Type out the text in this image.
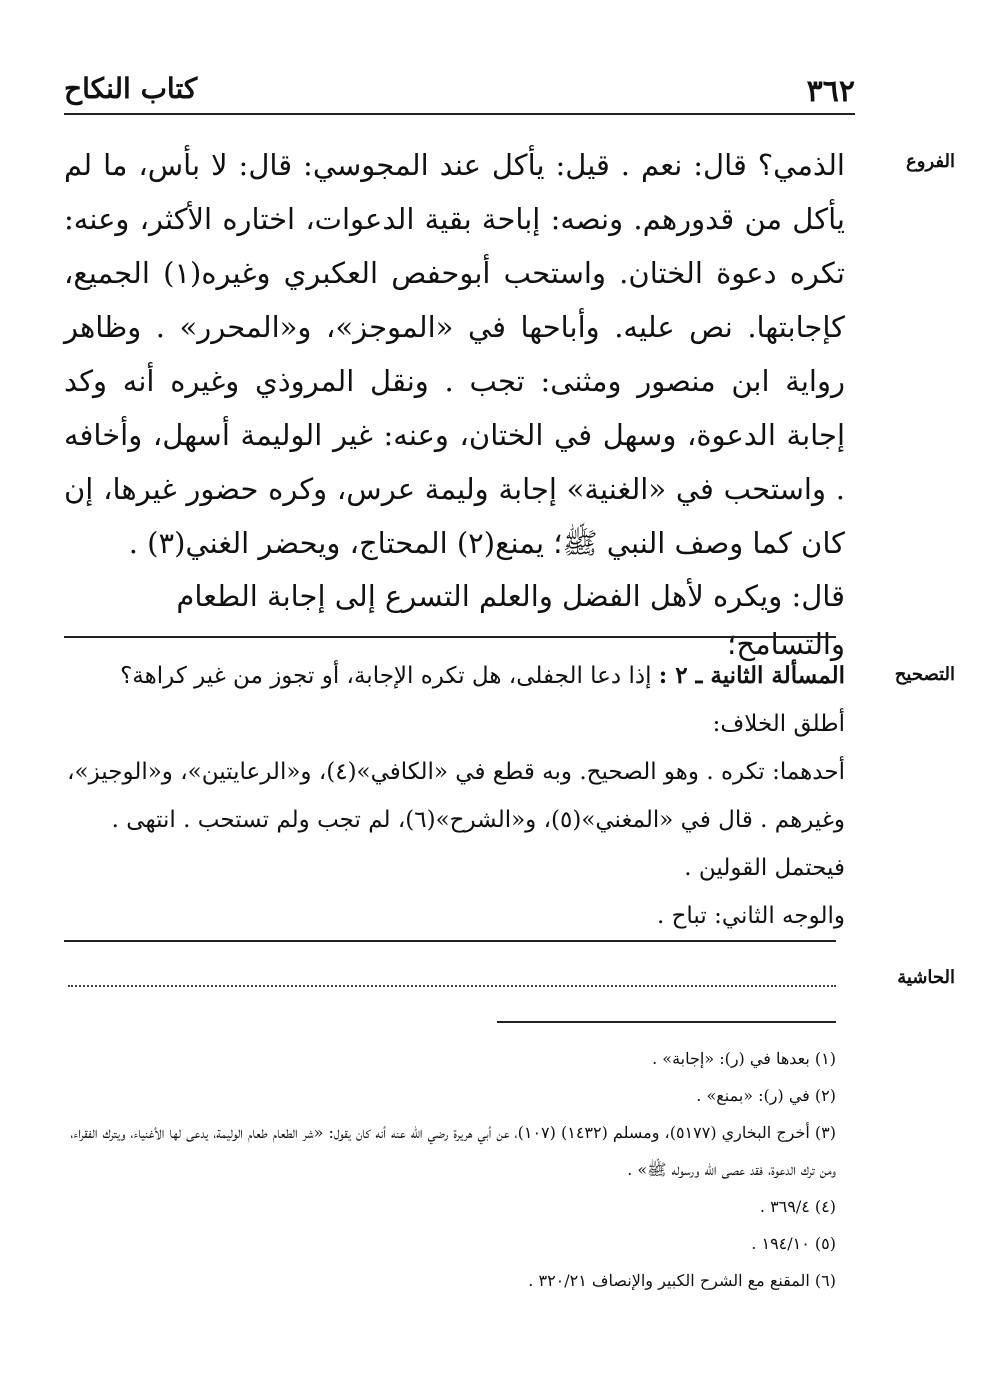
٣٦٢
كتاب النكاح
الفروع
الذمي؟ قال: نعم . قيل: يأكل عند المجوسي: قال: لا بأس، ما لم يأكل من قدورهم. ونصه: إباحة بقية الدعوات، اختاره الأكثر، وعنه: تكره دعوة الختان. واستحب أبوحفص العكبري وغيره(١) الجميع، كإجابتها. نص عليه. وأباحها في «الموجز»، و«المحرر» . وظاهر رواية ابن منصور ومثنى: تجب . ونقل المروذي وغيره أنه وكد إجابة الدعوة، وسهل في الختان، وعنه: غير الوليمة أسهل، وأخافه . واستحب في «الغنية» إجابة وليمة عرس، وكره حضور غيرها، إن كان كما وصف النبي ﷺ؛ يمنع(٢) المحتاج، ويحضر الغني(٣) .
قال: ويكره لأهل الفضل والعلم التسرع إلى إجابة الطعام والتسامح؛
التصحيح

المسألة الثانية ـ ٢ : إذا دعا الجفلى، هل تكره الإجابة، أو تجوز من غير كراهة؟

أطلق الخلاف:

أحدهما: تكره . وهو الصحيح. وبه قطع في «الكافي»(٤)، و«الرعايتين»، و«الوجيز»، وغيرهم . قال في «المغني»(٥)، و«الشرح»(٦)، لم تجب ولم تستحب . انتهى . فيحتمل القولين .

والوجه الثاني: تباح .

الحاشية

(١) بعدها في (ر): «إجابة» .

(٢) في (ر): «بمنع» .

(٣) أخرج البخاري (٥١٧٧)، ومسلم (١٤٣٢) (١٠٧)، عن أبي هريرة رضي الله عنه أنه كان يقول: «شر الطعام طعام الوليمة، يدعى لها الأغنياء، ويترك الفقراء، ومن ترك الدعوة، فقد عصى الله ورسوله ﷺ» .

(٤) ٣٦٩/٤ .

(٥) ١٩٤/١٠ .

(٦) المقنع مع الشرح الكبير والإنصاف ٣٢٠/٢١ .
